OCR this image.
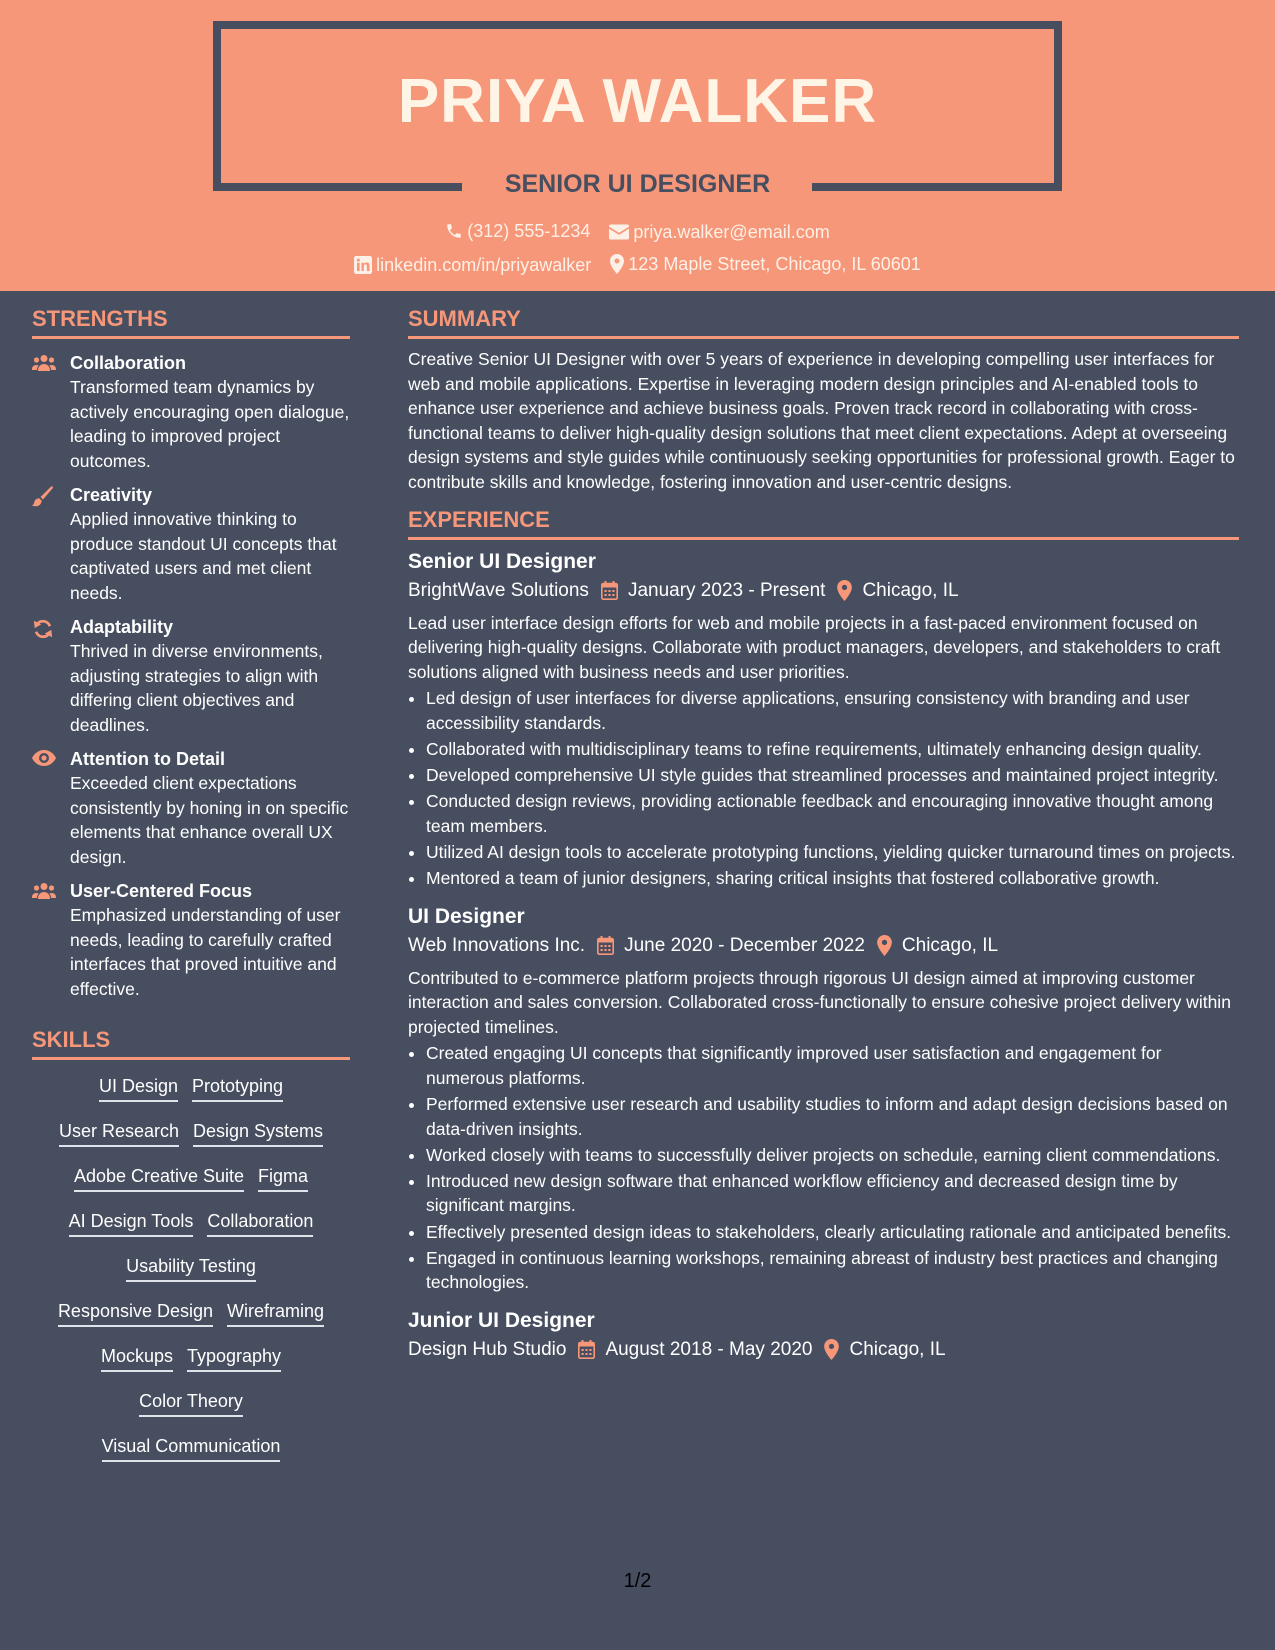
PRIYA WALKER
SENIOR UI DESIGNER
(312) 555-1234
priya.walker@email.com
linkedin.com/in/priyawalker
123 Maple Street, Chicago, IL 60601
STRENGTHS
Collaboration
Transformed team dynamics by actively encouraging open dialogue, leading to improved project outcomes.
Creativity
Applied innovative thinking to produce standout UI concepts that captivated users and met client needs.
Adaptability
Thrived in diverse environments, adjusting strategies to align with differing client objectives and deadlines.
Attention to Detail
Exceeded client expectations consistently by honing in on specific elements that enhance overall UX design.
User-Centered Focus
Emphasized understanding of user needs, leading to carefully crafted interfaces that proved intuitive and effective.
SKILLS
UI Design Prototyping
User Research Design Systems
Adobe Creative Suite Figma
AI Design Tools Collaboration
Usability Testing
Responsive Design Wireframing
Mockups Typography
Color Theory
Visual Communication
SUMMARY
Creative Senior UI Designer with over 5 years of experience in developing compelling user interfaces for web and mobile applications. Expertise in leveraging modern design principles and AI-enabled tools to enhance user experience and achieve business goals. Proven track record in collaborating with cross-functional teams to deliver high-quality design solutions that meet client expectations. Adept at overseeing design systems and style guides while continuously seeking opportunities for professional growth. Eager to contribute skills and knowledge, fostering innovation and user-centric designs.
EXPERIENCE
Senior UI Designer
BrightWave Solutions January 2023 - Present Chicago, IL
Lead user interface design efforts for web and mobile projects in a fast-paced environment focused on delivering high-quality designs. Collaborate with product managers, developers, and stakeholders to craft solutions aligned with business needs and user priorities.
• Led design of user interfaces for diverse applications, ensuring consistency with branding and user accessibility standards.
• Collaborated with multidisciplinary teams to refine requirements, ultimately enhancing design quality.
• Developed comprehensive UI style guides that streamlined processes and maintained project integrity.
• Conducted design reviews, providing actionable feedback and encouraging innovative thought among team members.
• Utilized AI design tools to accelerate prototyping functions, yielding quicker turnaround times on projects.
• Mentored a team of junior designers, sharing critical insights that fostered collaborative growth.
UI Designer
Web Innovations Inc. June 2020 - December 2022 Chicago, IL
Contributed to e-commerce platform projects through rigorous UI design aimed at improving customer interaction and sales conversion. Collaborated cross-functionally to ensure cohesive project delivery within projected timelines.
• Created engaging UI concepts that significantly improved user satisfaction and engagement for numerous platforms.
• Performed extensive user research and usability studies to inform and adapt design decisions based on data-driven insights.
• Worked closely with teams to successfully deliver projects on schedule, earning client commendations.
• Introduced new design software that enhanced workflow efficiency and decreased design time by significant margins.
• Effectively presented design ideas to stakeholders, clearly articulating rationale and anticipated benefits.
• Engaged in continuous learning workshops, remaining abreast of industry best practices and changing technologies.
Junior UI Designer
Design Hub Studio August 2018 - May 2020 Chicago, IL
1/2
